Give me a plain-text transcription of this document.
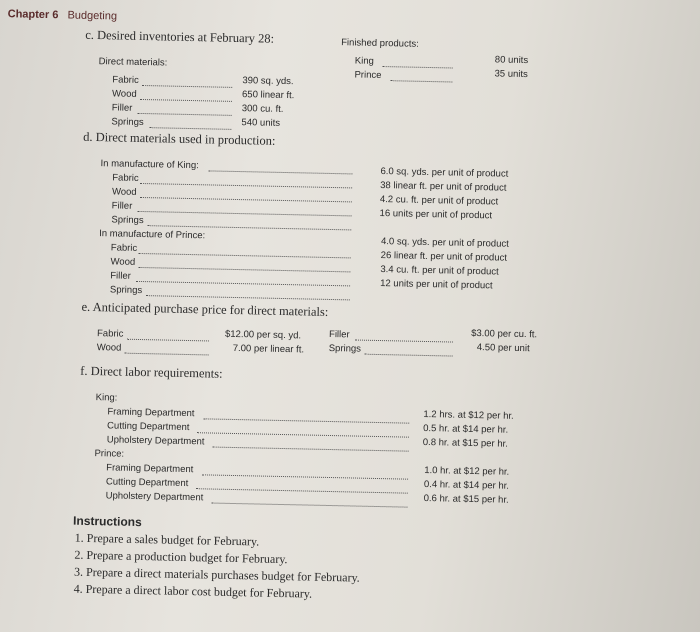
Chapter 6 Budgeting
c. Desired inventories at February 28:
Direct materials:
Fabric	390 sq. yds.
Wood	650 linear ft.
Filler	300 cu. ft.
Springs	540 units
Finished products:
King	80 units
Prince	35 units
d. Direct materials used in production:
In manufacture of King:
Fabric	6.0 sq. yds. per unit of product
Wood	38 linear ft. per unit of product
Filler	4.2 cu. ft. per unit of product
Springs	16 units per unit of product
In manufacture of Prince:
Fabric	4.0 sq. yds. per unit of product
Wood	26 linear ft. per unit of product
Filler	3.4 cu. ft. per unit of product
Springs	12 units per unit of product
e. Anticipated purchase price for direct materials:
Fabric	$12.00 per sq. yd.
Wood	7.00 per linear ft.
Filler	$3.00 per cu. ft.
Springs	4.50 per unit
f. Direct labor requirements:
King:
Framing Department	1.2 hrs. at $12 per hr.
Cutting Department	0.5 hr. at $14 per hr.
Upholstery Department	0.8 hr. at $15 per hr.
Prince:
Framing Department	1.0 hr. at $12 per hr.
Cutting Department	0.4 hr. at $14 per hr.
Upholstery Department	0.6 hr. at $15 per hr.
Instructions
1. Prepare a sales budget for February.
2. Prepare a production budget for February.
3. Prepare a direct materials purchases budget for February.
4. Prepare a direct labor cost budget for February.
